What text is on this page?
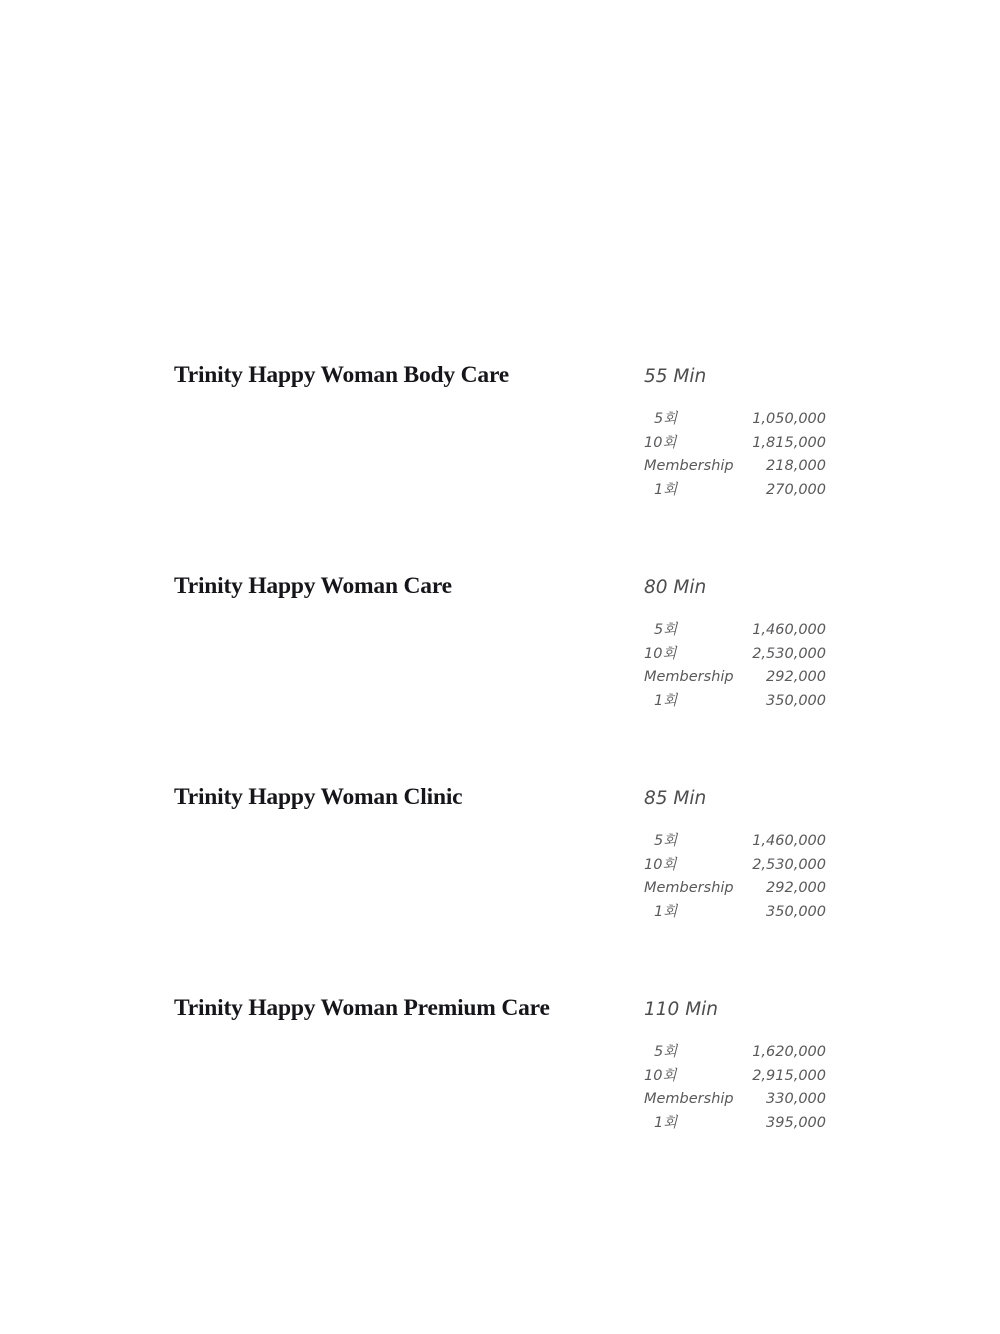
Trinity Happy Woman Body Care	55 Min
5회	1,050,000
10회	1,815,000
Membership	218,000
1회	270,000
Trinity Happy Woman Care	80 Min
5회	1,460,000
10회	2,530,000
Membership	292,000
1회	350,000
Trinity Happy Woman Clinic	85 Min
5회	1,460,000
10회	2,530,000
Membership	292,000
1회	350,000
Trinity Happy Woman Premium Care	110 Min
5회	1,620,000
10회	2,915,000
Membership	330,000
1회	395,000
